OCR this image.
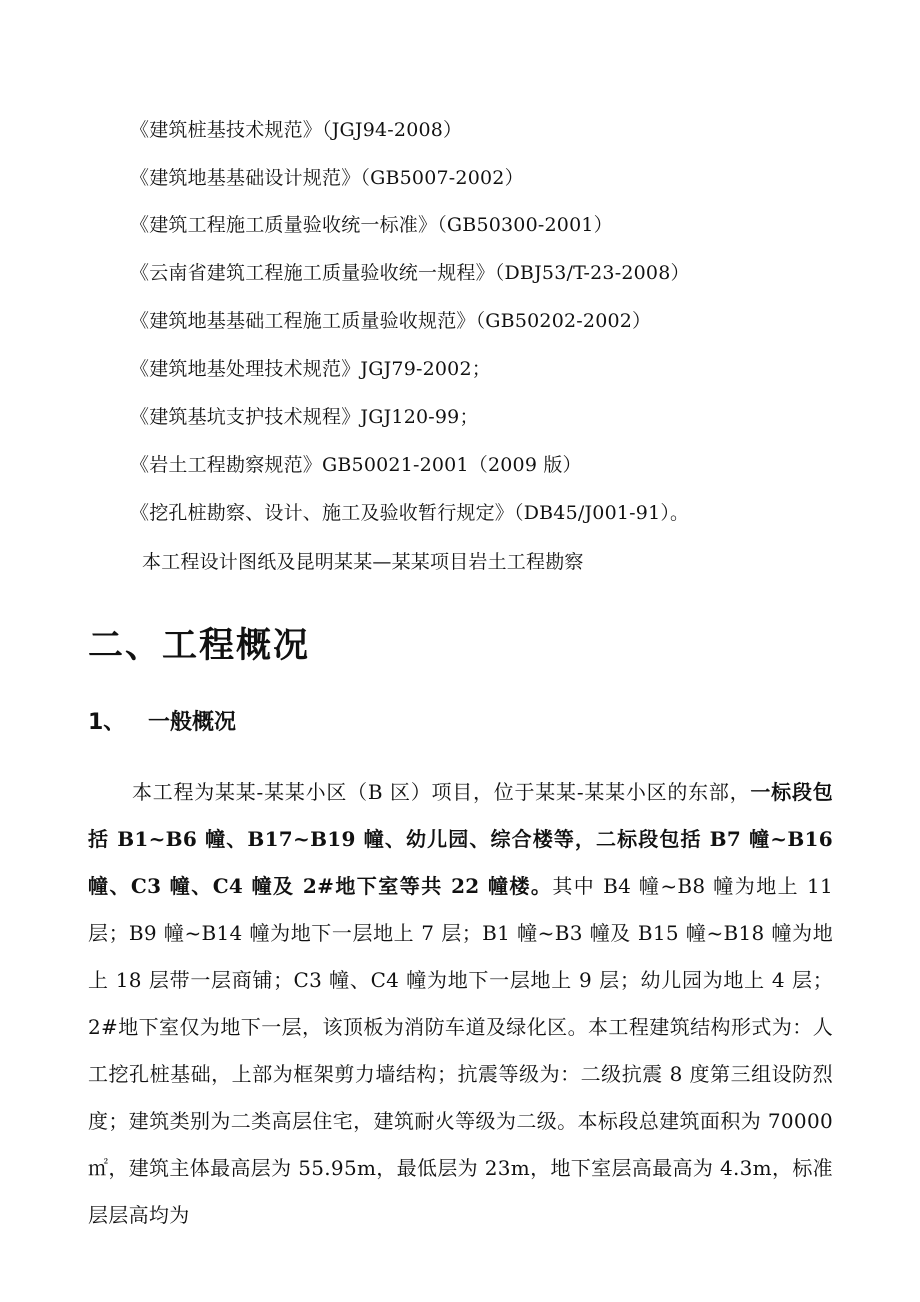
《建筑桩基技术规范》（JGJ94-2008）
《建筑地基基础设计规范》（GB5007-2002）
《建筑工程施工质量验收统一标准》（GB50300-2001）
《云南省建筑工程施工质量验收统一规程》（DBJ53/T-23-2008）
《建筑地基基础工程施工质量验收规范》（GB50202-2002）
《建筑地基处理技术规范》JGJ79-2002；
《建筑基坑支护技术规程》JGJ120-99；
《岩土工程勘察规范》GB50021-2001（2009 版）
《挖孔桩勘察、设计、施工及验收暂行规定》（DB45/J001-91）。
本工程设计图纸及昆明某某—某某项目岩土工程勘察
二、工程概况
1、 一般概况

本工程为某某-某某小区（B 区）项目，位于某某-某某小区的东部，一标段包括 B1~B6 幢、B17~B19 幢、幼儿园、综合楼等，二标段包括 B7 幢~B16 幢、C3 幢、C4 幢及 2#地下室等共 22 幢楼。其中 B4 幢~B8 幢为地上 11 层；B9 幢~B14 幢为地下一层地上 7 层；B1 幢~B3 幢及 B15 幢~B18 幢为地上 18 层带一层商铺；C3 幢、C4 幢为地下一层地上 9 层；幼儿园为地上 4 层；2#地下室仅为地下一层，该顶板为消防车道及绿化区。本工程建筑结构形式为：人工挖孔桩基础，上部为框架剪力墙结构；抗震等级为：二级抗震 8 度第三组设防烈度；建筑类别为二类高层住宅，建筑耐火等级为二级。本标段总建筑面积为 70000㎡，建筑主体最高层为 55.95m，最低层为 23m，地下室层高最高为 4.3m，标准层层高均为
